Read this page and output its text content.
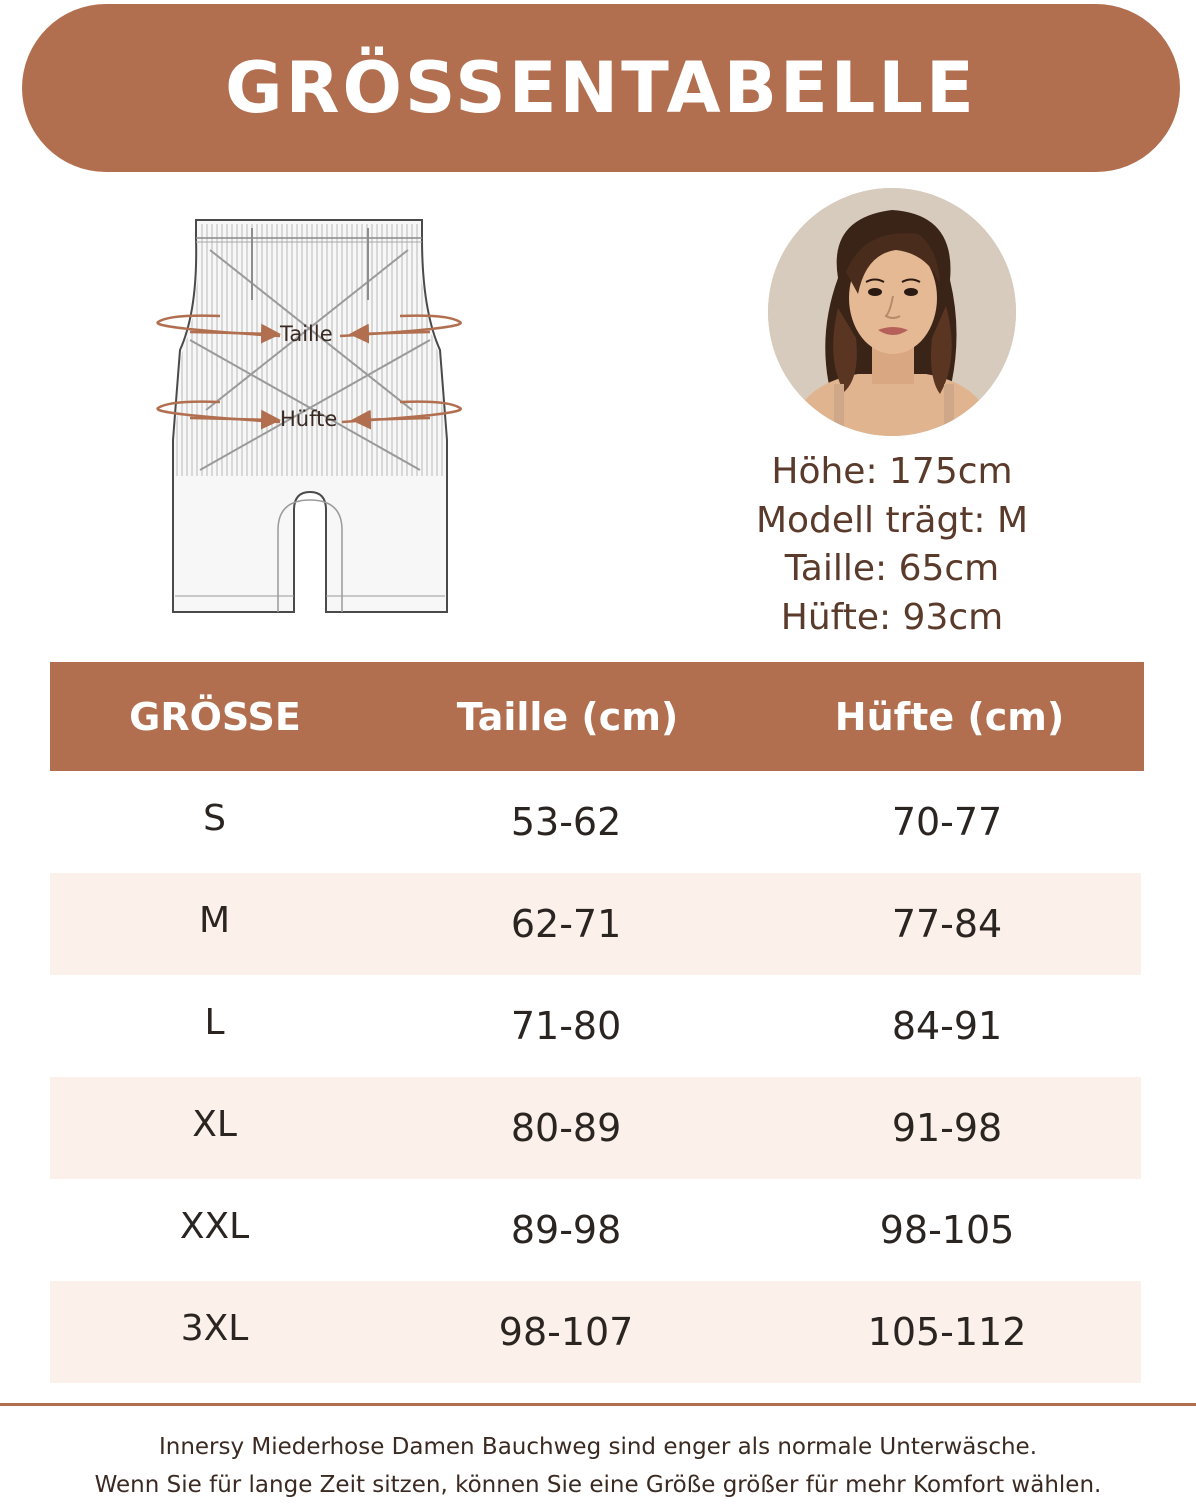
GRÖSSENTABELLE
Taille
Hüfte
Höhe: 175cm
Modell trägt: M
Taille: 65cm
Hüfte: 93cm
GRÖSSE	Taille (cm)	Hüfte (cm)
S	53-62	70-77
M	62-71	77-84
L	71-80	84-91
XL	80-89	91-98
XXL	89-98	98-105
3XL	98-107	105-112
Innersy Miederhose Damen Bauchweg sind enger als normale Unterwäsche.
Wenn Sie für lange Zeit sitzen, können Sie eine Größe größer für mehr Komfort wählen.
